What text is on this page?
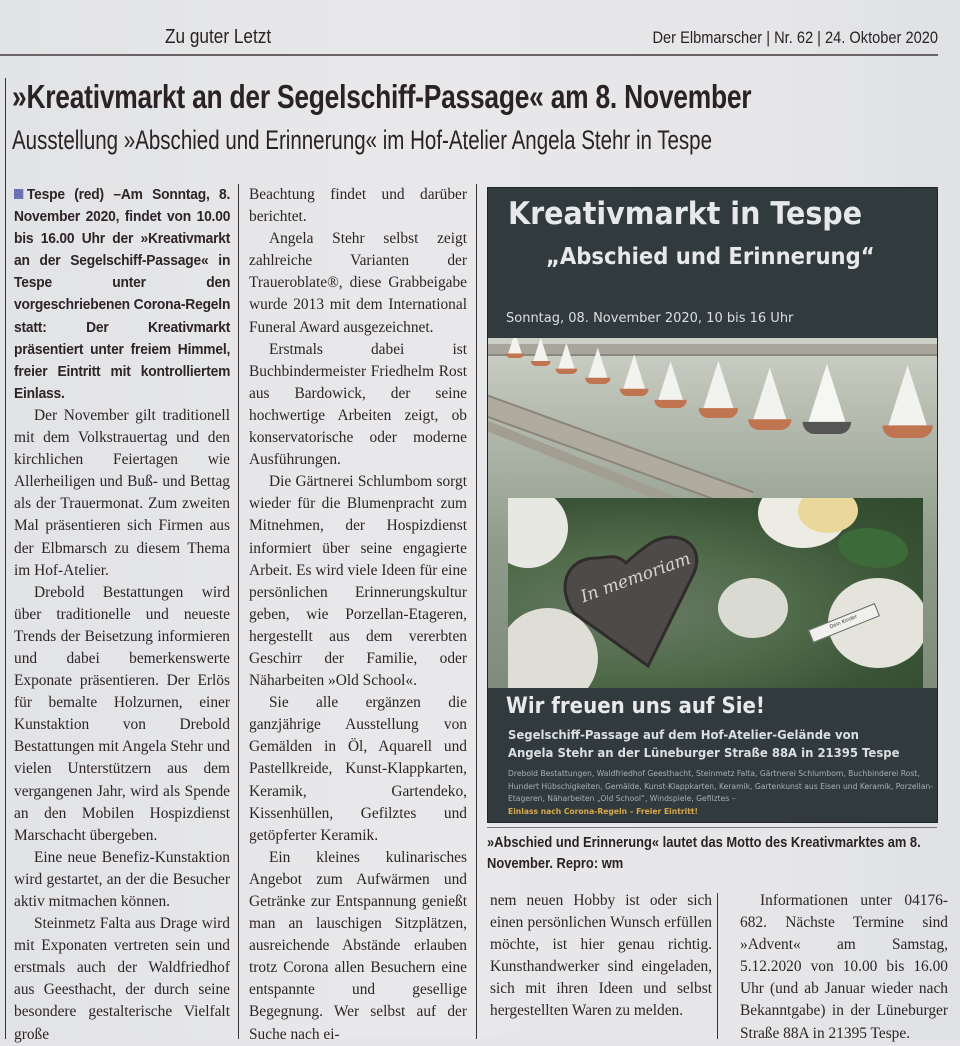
Zu guter Letzt	Der Elbmarscher | Nr. 62 | 24. Oktober 2020
»Kreativmarkt an der Segelschiff-Passage« am 8. November
Ausstellung »Abschied und Erinnerung« im Hof-Atelier Angela Stehr in Tespe
Tespe (red) –Am Sonntag, 8. November 2020, findet von 10.00 bis 16.00 Uhr der »Kreativmarkt an der Segelschiff-Passage« in Tespe unter den vorgeschriebenen Corona-Regeln statt: Der Kreativmarkt präsentiert unter freiem Himmel, freier Eintritt mit kontrolliertem Einlass.

Der November gilt traditionell mit dem Volkstrauertag und den kirchlichen Feiertagen wie Allerheiligen und Buß- und Bettag als der Trauermonat. Zum zweiten Mal präsentieren sich Firmen aus der Elbmarsch zu diesem Thema im Hof-Atelier.

Drebold Bestattungen wird über traditionelle und neueste Trends der Beisetzung informieren und dabei bemerkenswerte Exponate präsentieren. Der Erlös für bemalte Holzurnen, einer Kunstaktion von Drebold Bestattungen mit Angela Stehr und vielen Unterstützern aus dem vergangenen Jahr, wird als Spende an den Mobilen Hospizdienst Marschacht übergeben.

Eine neue Benefiz-Kunstaktion wird gestartet, an der die Besucher aktiv mitmachen können.

Steinmetz Falta aus Drage wird mit Exponaten vertreten sein und erstmals auch der Waldfriedhof aus Geesthacht, der durch seine besondere gestalterische Vielfalt große

Beachtung findet und darüber berichtet.

Angela Stehr selbst zeigt zahlreiche Varianten der Traueroblate®, diese Grabbeigabe wurde 2013 mit dem International Funeral Award ausgezeichnet.

Erstmals dabei ist Buchbindermeister Friedhelm Rost aus Bardowick, der seine hochwertige Arbeiten zeigt, ob konservatorische oder moderne Ausführungen.

Die Gärtnerei Schlumbom sorgt wieder für die Blumenpracht zum Mitnehmen, der Hospizdienst informiert über seine engagierte Arbeit. Es wird viele Ideen für eine persönlichen Erinnerungskultur geben, wie Porzellan-Etageren, hergestellt aus dem vererbten Geschirr der Familie, oder Näharbeiten »Old School«.

Sie alle ergänzen die ganzjährige Ausstellung von Gemälden in Öl, Aquarell und Pastellkreide, Kunst-Klappkarten, Keramik, Gartendeko, Kissenhüllen, Gefilztes und getöpferter Keramik.

Ein kleines kulinarisches Angebot zum Aufwärmen und Getränke zur Entspannung genießt man an lauschigen Sitzplätzen, ausreichende Abstände erlauben trotz Corona allen Besuchern eine entspannte und gesellige Begegnung. Wer selbst auf der Suche nach ei-

Kreativmarkt in Tespe
„Abschied und Erinnerung“
Sonntag, 08. November 2020, 10 bis 16 Uhr
In memoriam
Dein Kinder
Wir freuen uns auf Sie!
Segelschiff-Passage auf dem Hof-Atelier-Gelände von
Angela Stehr an der Lüneburger Straße 88A in 21395 Tespe
Drebold Bestattungen, Waldfriedhof Geesthacht, Steinmetz Falta, Gärtnerei Schlumbom, Buchbinderei Rost, Hundert Hübschigkeiten, Gemälde, Kunst-Klappkarten, Keramik, Gartenkunst aus Eisen und Keramik, Porzellan-Etageren, Näharbeiten „Old School“, Windspiele, Gefilztes –
Einlass nach Corona-Regeln – Freier Eintritt!
»Abschied und Erinnerung« lautet das Motto des Kreativmarktes am 8. November. Repro: wm

nem neuen Hobby ist oder sich einen persönlichen Wunsch erfüllen möchte, ist hier genau richtig. Kunsthandwerker sind eingeladen, sich mit ihren Ideen und selbst hergestellten Waren zu melden.

Informationen unter 04176-682. Nächste Termine sind »Advent« am Samstag, 5.12.2020 von 10.00 bis 16.00 Uhr (und ab Januar wieder nach Bekanntgabe) in der Lüneburger Straße 88A in 21395 Tespe.
